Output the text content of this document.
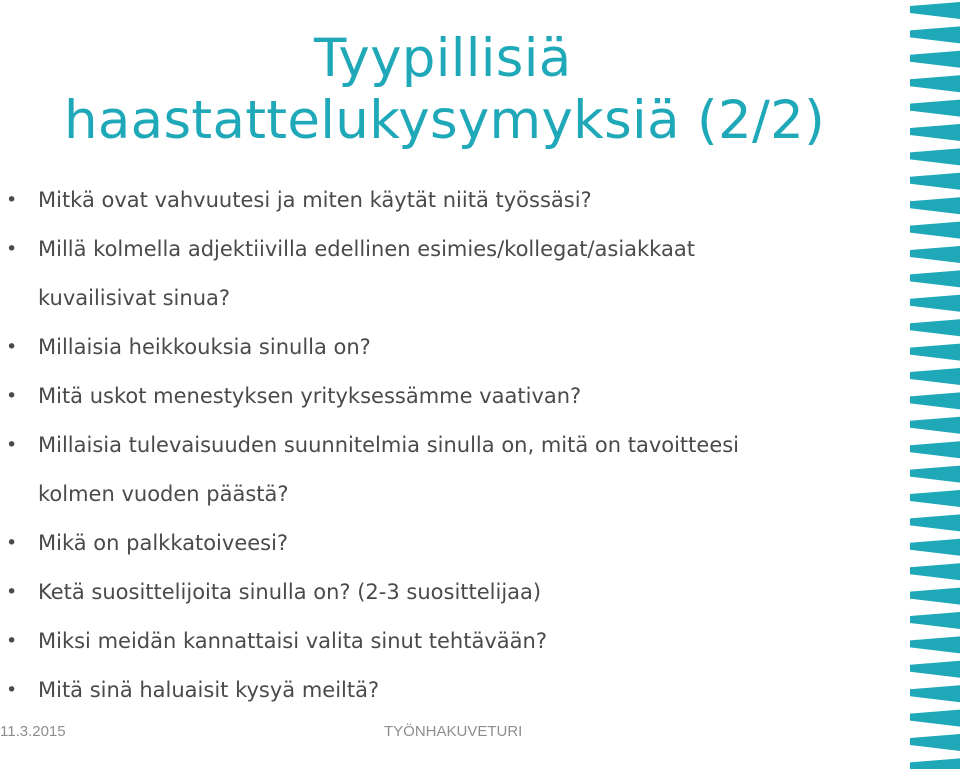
Tyypillisiä
haastattelukysymyksiä (2/2)
• Mitkä ovat vahvuutesi ja miten käytät niitä työssäsi?
• Millä kolmella adjektiivilla edellinen esimies/kollegat/asiakkaat
kuvailisivat sinua?
• Millaisia heikkouksia sinulla on?
• Mitä uskot menestyksen yrityksessämme vaativan?
• Millaisia tulevaisuuden suunnitelmia sinulla on, mitä on tavoitteesi
kolmen vuoden päästä?
• Mikä on palkkatoiveesi?
• Ketä suosittelijoita sinulla on? (2-3 suosittelijaa)
• Miksi meidän kannattaisi valita sinut tehtävään?
• Mitä sinä haluaisit kysyä meiltä?
11.3.2015	TYÖNHAKUVETURI
